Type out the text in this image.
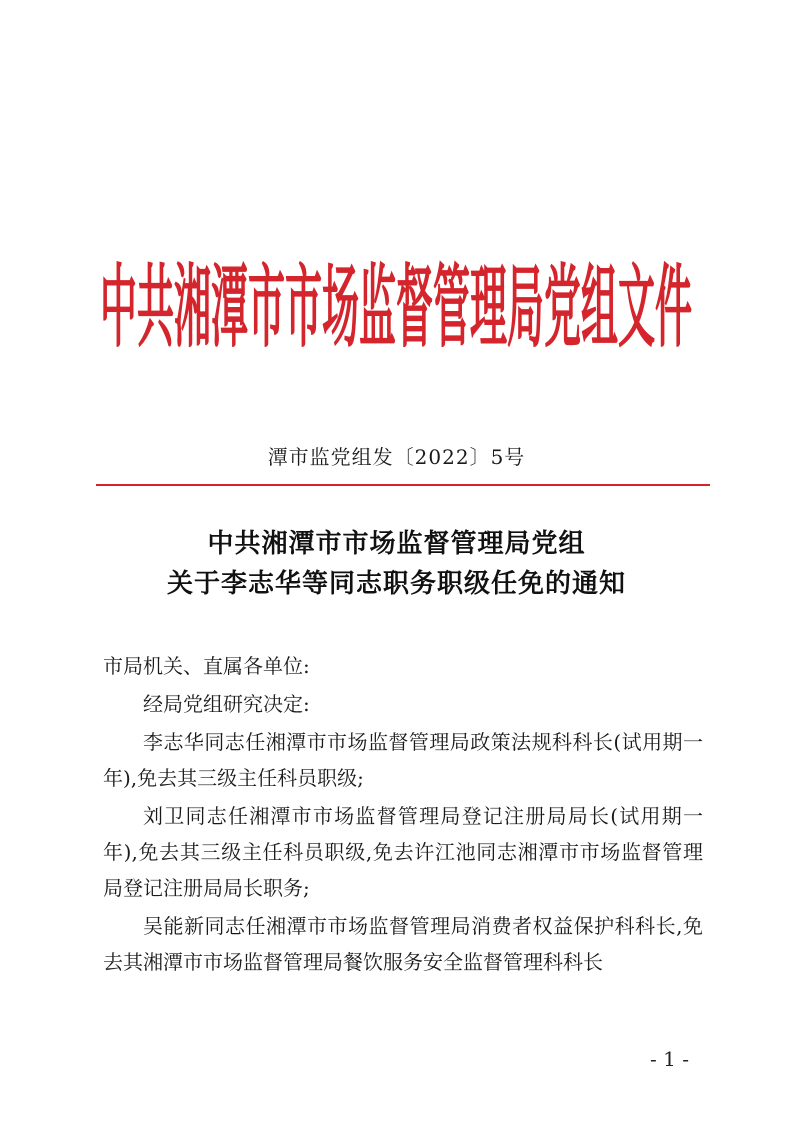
中共湘潭市市场监督管理局党组文件
潭市监党组发〔2022〕5号
中共湘潭市市场监督管理局党组
关于李志华等同志职务职级任免的通知

市局机关、直属各单位:

经局党组研究决定:

李志华同志任湘潭市市场监督管理局政策法规科科长(试用期一年),免去其三级主任科员职级;

刘卫同志任湘潭市市场监督管理局登记注册局局长(试用期一年),免去其三级主任科员职级,免去许江池同志湘潭市市场监督管理局登记注册局局长职务;

吴能新同志任湘潭市市场监督管理局消费者权益保护科科长,免去其湘潭市市场监督管理局餐饮服务安全监督管理科科长

- 1 -
